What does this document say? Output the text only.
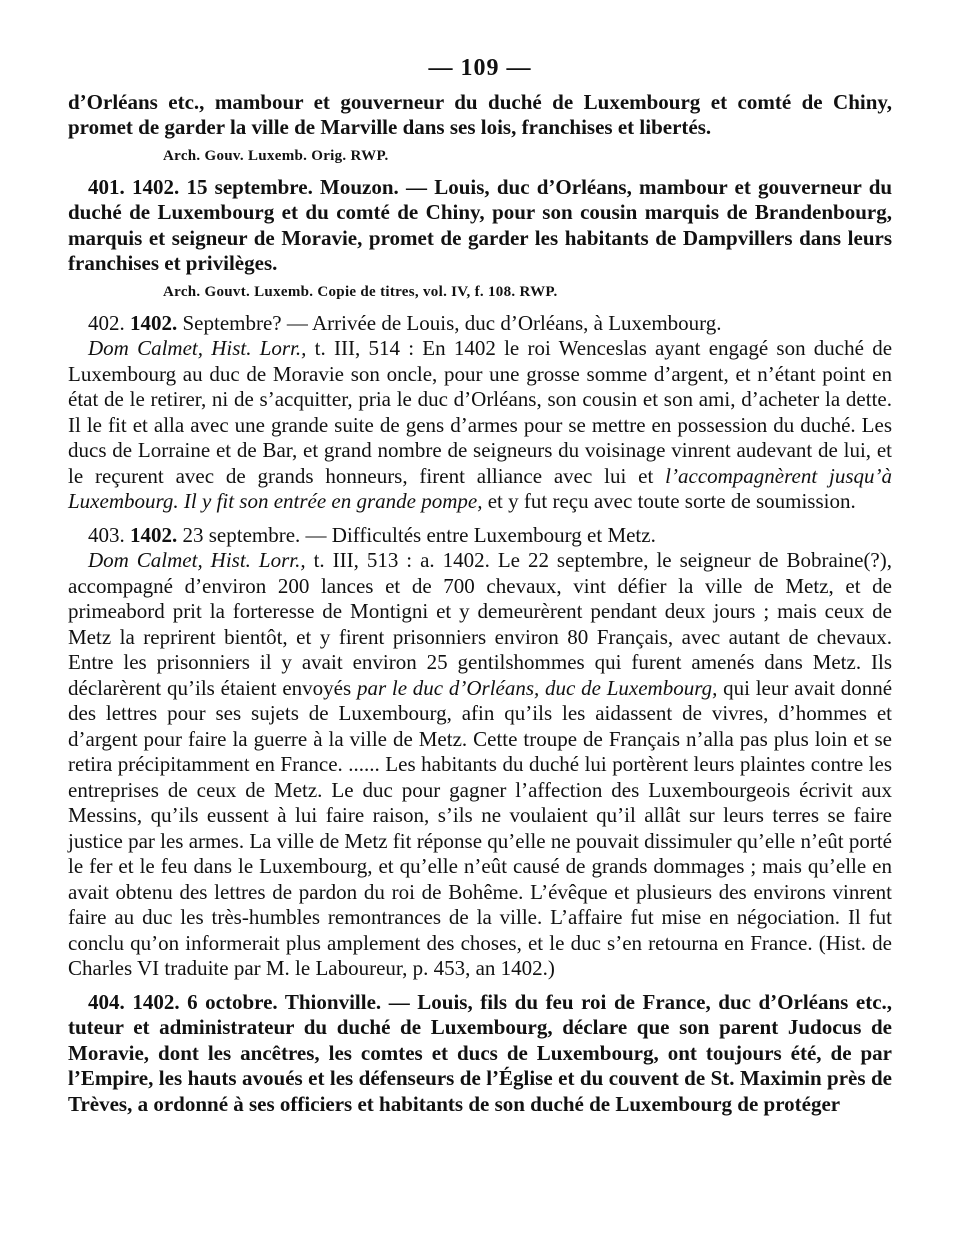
— 109 —

d’Orléans etc., mambour et gouverneur du duché de Luxembourg et comté de Chiny, promet de garder la ville de Marville dans ses lois, franchises et libertés.

Arch. Gouv. Luxemb. Orig. RWP.

401. 1402. 15 septembre. Mouzon. — Louis, duc d’Orléans, mambour et gouverneur du duché de Luxembourg et du comté de Chiny, pour son cousin marquis de Brandenbourg, marquis et seigneur de Moravie, promet de garder les habitants de Dampvillers dans leurs franchises et privilèges.

Arch. Gouvt. Luxemb. Copie de titres, vol. IV, f. 108. RWP.

402. 1402. Septembre? — Arrivée de Louis, duc d’Orléans, à Luxembourg.

Dom Calmet, Hist. Lorr., t. III, 514 : En 1402 le roi Wenceslas ayant engagé son duché de Luxembourg au duc de Moravie son oncle, pour une grosse somme d’argent, et n’étant point en état de le retirer, ni de s’acquitter, pria le duc d’Orléans, son cousin et son ami, d’acheter la dette. Il le fit et alla avec une grande suite de gens d’armes pour se mettre en possession du duché. Les ducs de Lorraine et de Bar, et grand nombre de seigneurs du voisinage vinrent audevant de lui, et le reçurent avec de grands honneurs, firent alliance avec lui et l’accompagnèrent jusqu’à Luxembourg. Il y fit son entrée en grande pompe, et y fut reçu avec toute sorte de soumission.

403. 1402. 23 septembre. — Difficultés entre Luxembourg et Metz.

Dom Calmet, Hist. Lorr., t. III, 513 : a. 1402. Le 22 septembre, le seigneur de Bobraine(?), accompagné d’environ 200 lances et de 700 chevaux, vint défier la ville de Metz, et de primeabord prit la forteresse de Montigni et y demeurèrent pendant deux jours ; mais ceux de Metz la reprirent bientôt, et y firent prisonniers environ 80 Français, avec autant de chevaux. Entre les prisonniers il y avait environ 25 gentilshommes qui furent amenés dans Metz. Ils déclarèrent qu’ils étaient envoyés par le duc d’Orléans, duc de Luxembourg, qui leur avait donné des lettres pour ses sujets de Luxembourg, afin qu’ils les aidassent de vivres, d’hommes et d’argent pour faire la guerre à la ville de Metz. Cette troupe de Français n’alla pas plus loin et se retira précipitamment en France. ...... Les habitants du duché lui portèrent leurs plaintes contre les entreprises de ceux de Metz. Le duc pour gagner l’affection des Luxembourgeois écrivit aux Messins, qu’ils eussent à lui faire raison, s’ils ne voulaient qu’il allât sur leurs terres se faire justice par les armes. La ville de Metz fit réponse qu’elle ne pouvait dissimuler qu’elle n’eût porté le fer et le feu dans le Luxembourg, et qu’elle n’eût causé de grands dommages ; mais qu’elle en avait obtenu des lettres de pardon du roi de Bohême. L’évêque et plusieurs des environs vinrent faire au duc les très-humbles remontrances de la ville. L’affaire fut mise en négociation. Il fut conclu qu’on informerait plus amplement des choses, et le duc s’en retourna en France. (Hist. de Charles VI traduite par M. le Laboureur, p. 453, an 1402.)

404. 1402. 6 octobre. Thionville. — Louis, fils du feu roi de France, duc d’Orléans etc., tuteur et administrateur du duché de Luxembourg, déclare que son parent Judocus de Moravie, dont les ancêtres, les comtes et ducs de Luxembourg, ont toujours été, de par l’Empire, les hauts avoués et les défenseurs de l’Église et du couvent de St. Maximin près de Trèves, a ordonné à ses officiers et habitants de son duché de Luxembourg de protéger
